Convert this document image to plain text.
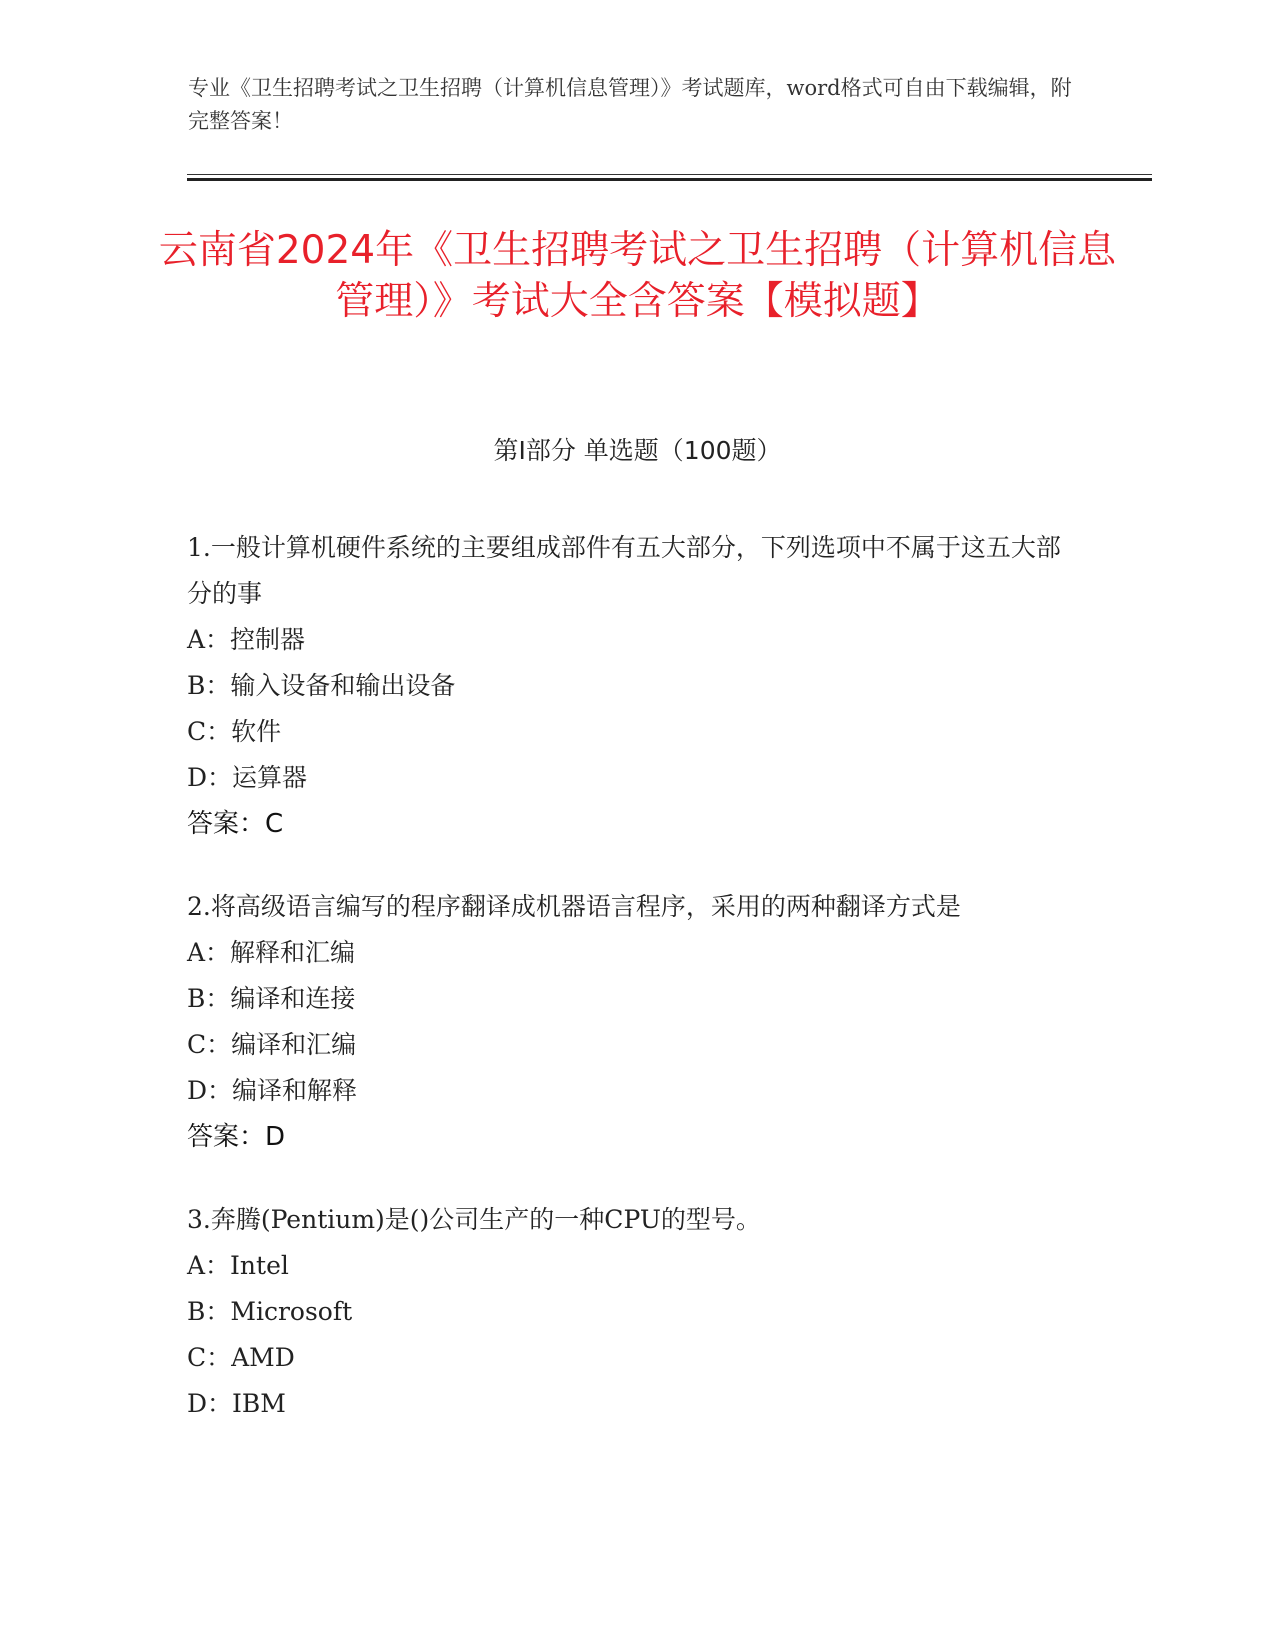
专业《卫生招聘考试之卫生招聘（计算机信息管理）》考试题库，word格式可自由下载编辑，附完整答案！

云南省2024年《卫生招聘考试之卫生招聘（计算机信息管理）》考试大全含答案【模拟题】
第I部分 单选题（100题）

1.一般计算机硬件系统的主要组成部件有五大部分，下列选项中不属于这五大部分的事

A：控制器

B：输入设备和输出设备

C：软件

D：运算器

答案：C

2.将高级语言编写的程序翻译成机器语言程序，采用的两种翻译方式是

A：解释和汇编

B：编译和连接

C：编译和汇编

D：编译和解释

答案：D

3.奔腾(Pentium)是()公司生产的一种CPU的型号。

A：Intel

B：Microsoft

C：AMD

D：IBM
